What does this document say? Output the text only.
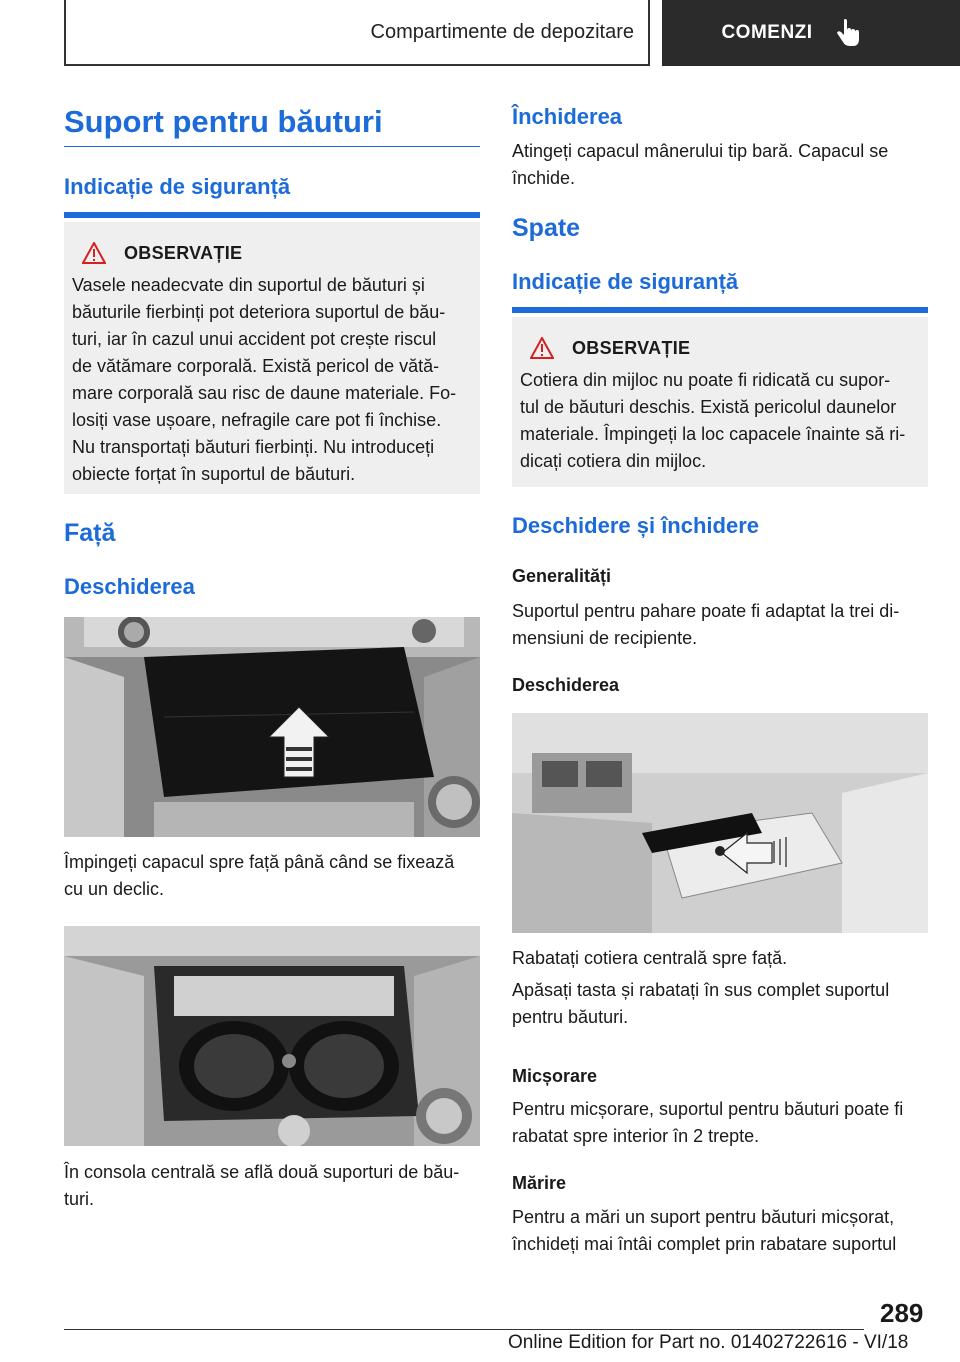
Compartimente de depozitare	COMENZI
Suport pentru băuturi
Indicație de siguranță
OBSERVAȚIE
Vasele neadecvate din suportul de băuturi și
băuturile fierbinți pot deteriora suportul de bău-
turi, iar în cazul unui accident pot crește riscul
de vătămare corporală. Există pericol de vătă-
mare corporală sau risc de daune materiale. Fo-
losiți vase ușoare, nefragile care pot fi închise.
Nu transportați băuturi fierbinți. Nu introduceți
obiecte forțat în suportul de băuturi.
Față
Deschiderea
Împingeți capacul spre față până când se fixează
cu un declic.
În consola centrală se află două suporturi de bău-
turi.
Închiderea
Atingeți capacul mânerului tip bară. Capacul se
închide.
Spate
Indicație de siguranță
OBSERVAȚIE
Cotiera din mijloc nu poate fi ridicată cu supor-
tul de băuturi deschis. Există pericolul daunelor
materiale. Împingeți la loc capacele înainte să ri-
dicați cotiera din mijloc.
Deschidere și închidere
Generalități
Suportul pentru pahare poate fi adaptat la trei di-
mensiuni de recipiente.
Deschiderea
Rabatați cotiera centrală spre față.
Apăsați tasta și rabatați în sus complet suportul
pentru băuturi.
Micșorare
Pentru micșorare, suportul pentru băuturi poate fi
rabatat spre interior în 2 trepte.
Mărire
Pentru a mări un suport pentru băuturi micșorat,
închideți mai întâi complet prin rabatare suportul
289
Online Edition for Part no. 01402722616 - VI/18
